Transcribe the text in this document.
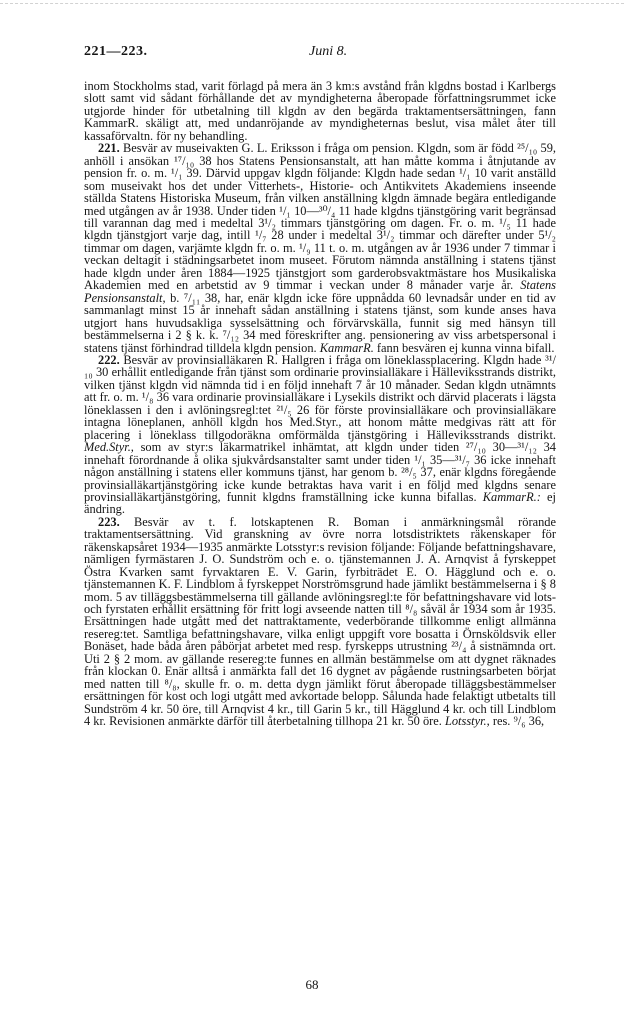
221—223.	Juni 8.

inom Stockholms stad, varit förlagd på mera än 3 km:s avstånd från klgdns bostad i Karlbergs slott samt vid sådant förhållande det av myndigheterna åberopade författningsrummet icke utgjorde hinder för utbetalning till klgdn av den begärda traktamentsersättningen, fann KammarR. skäligt att, med undanröjande av myndigheternas beslut, visa målet åter till kassaförvaltn. för ny behandling.

221. Besvär av museivakten G. L. Eriksson i fråga om pension. Klgdn, som är född ²⁵/₁₀ 59, anhöll i ansökan ¹⁷/₁₀ 38 hos Statens Pensionsanstalt, att han måtte komma i åtnjutande av pension fr. o. m. ¹/₁ 39. Därvid uppgav klgdn följande: Klgdn hade sedan ¹/₁ 10 varit anställd som museivakt hos det under Vitterhets-, Historie- och Antikvitets Akademiens inseende ställda Statens Historiska Museum, från vilken anställning klgdn ämnade begära entledigande med utgången av år 1938. Under tiden ¹/₁ 10—³⁰/₄ 11 hade klgdns tjänstgöring varit begränsad till varannan dag med i medeltal 3¹/₂ timmars tjänstgöring om dagen. Fr. o. m. ¹/₅ 11 hade klgdn tjänstgjort varje dag, intill ¹/₇ 28 under i medeltal 3¹/₂ timmar och därefter under 5¹/₂ timmar om dagen, varjämte klgdn fr. o. m. ¹/₉ 11 t. o. m. utgången av år 1936 under 7 timmar i veckan deltagit i städningsarbetet inom museet. Förutom nämnda anställning i statens tjänst hade klgdn under åren 1884—1925 tjänstgjort som garderobsvaktmästare hos Musikaliska Akademien med en arbetstid av 9 timmar i veckan under 8 månader varje år. Statens Pensionsanstalt, b. ⁷/₁₁ 38, har, enär klgdn icke före uppnådda 60 levnadsår under en tid av sammanlagt minst 15 år innehaft sådan anställning i statens tjänst, som kunde anses hava utgjort hans huvudsakliga sysselsättning och förvärvskälla, funnit sig med hänsyn till bestämmelserna i 2 § k. k. ⁷/₁₂ 34 med föreskrifter ang. pensionering av viss arbetspersonal i statens tjänst förhindrad tilldela klgdn pension. KammarR. fann besvären ej kunna vinna bifall.

222. Besvär av provinsialläkaren R. Hallgren i fråga om löneklassplacering. Klgdn hade ³¹/₁₀ 30 erhållit entledigande från tjänst som ordinarie provinsialläkare i Hälleviksstrands distrikt, vilken tjänst klgdn vid nämnda tid i en följd innehaft 7 år 10 månader. Sedan klgdn utnämnts att fr. o. m. ¹/₈ 36 vara ordinarie provinsialläkare i Lysekils distrikt och därvid placerats i lägsta löneklassen i den i avlöningsregl:tet ²¹/₅ 26 för förste provinsialläkare och provinsialläkare intagna löneplanen, anhöll klgdn hos Med.Styr., att honom måtte medgivas rätt att för placering i löneklass tillgodoräkna omförmälda tjänstgöring i Hälleviksstrands distrikt. Med.Styr., som av styr:s läkarmatrikel inhämtat, att klgdn under tiden ²⁷/₁₀ 30—³¹/₁₂ 34 innehaft förordnande å olika sjukvårdsanstalter samt under tiden ¹/₁ 35—³¹/₇ 36 icke innehaft någon anställning i statens eller kommuns tjänst, har genom b. ²⁸/₅ 37, enär klgdns föregående provinsialläkartjänstgöring icke kunde betraktas hava varit i en följd med klgdns senare provinsialläkartjänstgöring, funnit klgdns framställning icke kunna bifallas. KammarR.: ej ändring.

223. Besvär av t. f. lotskaptenen R. Boman i anmärkningsmål rörande traktamentsersättning. Vid granskning av övre norra lotsdistriktets räkenskaper för räkenskapsåret 1934—1935 anmärkte Lotsstyr:s revision följande: Följande befattningshavare, nämligen fyrmästaren J. O. Sundström och e. o. tjänstemannen J. A. Arnqvist å fyrskeppet Östra Kvarken samt fyrvaktaren E. V. Garin, fyrbiträdet E. O. Hägglund och e. o. tjänstemannen K. F. Lindblom å fyrskeppet Norströmsgrund hade jämlikt bestämmelserna i § 8 mom. 5 av tilläggsbestämmelserna till gällande avlöningsregl:te för befattningshavare vid lots- och fyrstaten erhållit ersättning för fritt logi avseende natten till ⁸/₈ såväl år 1934 som år 1935. Ersättningen hade utgått med det nattraktamente, vederbörande tillkomme enligt allmänna resereg:tet. Samtliga befattningshavare, vilka enligt uppgift vore bosatta i Örnsköldsvik eller Bonäset, hade båda åren påbörjat arbetet med resp. fyrskepps utrustning ²³/₄ å sistnämnda ort. Uti 2 § 2 mom. av gällande resereg:te funnes en allmän bestämmelse om att dygnet räknades från klockan 0. Enär alltså i anmärkta fall det 16 dygnet av pågående rustningsarbeten börjat med natten till ⁸/₈, skulle fr. o. m. detta dygn jämlikt förut åberopade tilläggsbestämmelser ersättningen för kost och logi utgått med avkortade belopp. Sålunda hade felaktigt utbetalts till Sundström 4 kr. 50 öre, till Arnqvist 4 kr., till Garin 5 kr., till Hägglund 4 kr. och till Lindblom 4 kr. Revisionen anmärkte därför till återbetalning tillhopa 21 kr. 50 öre. Lotsstyr., res. ⁹/₆ 36,

68
